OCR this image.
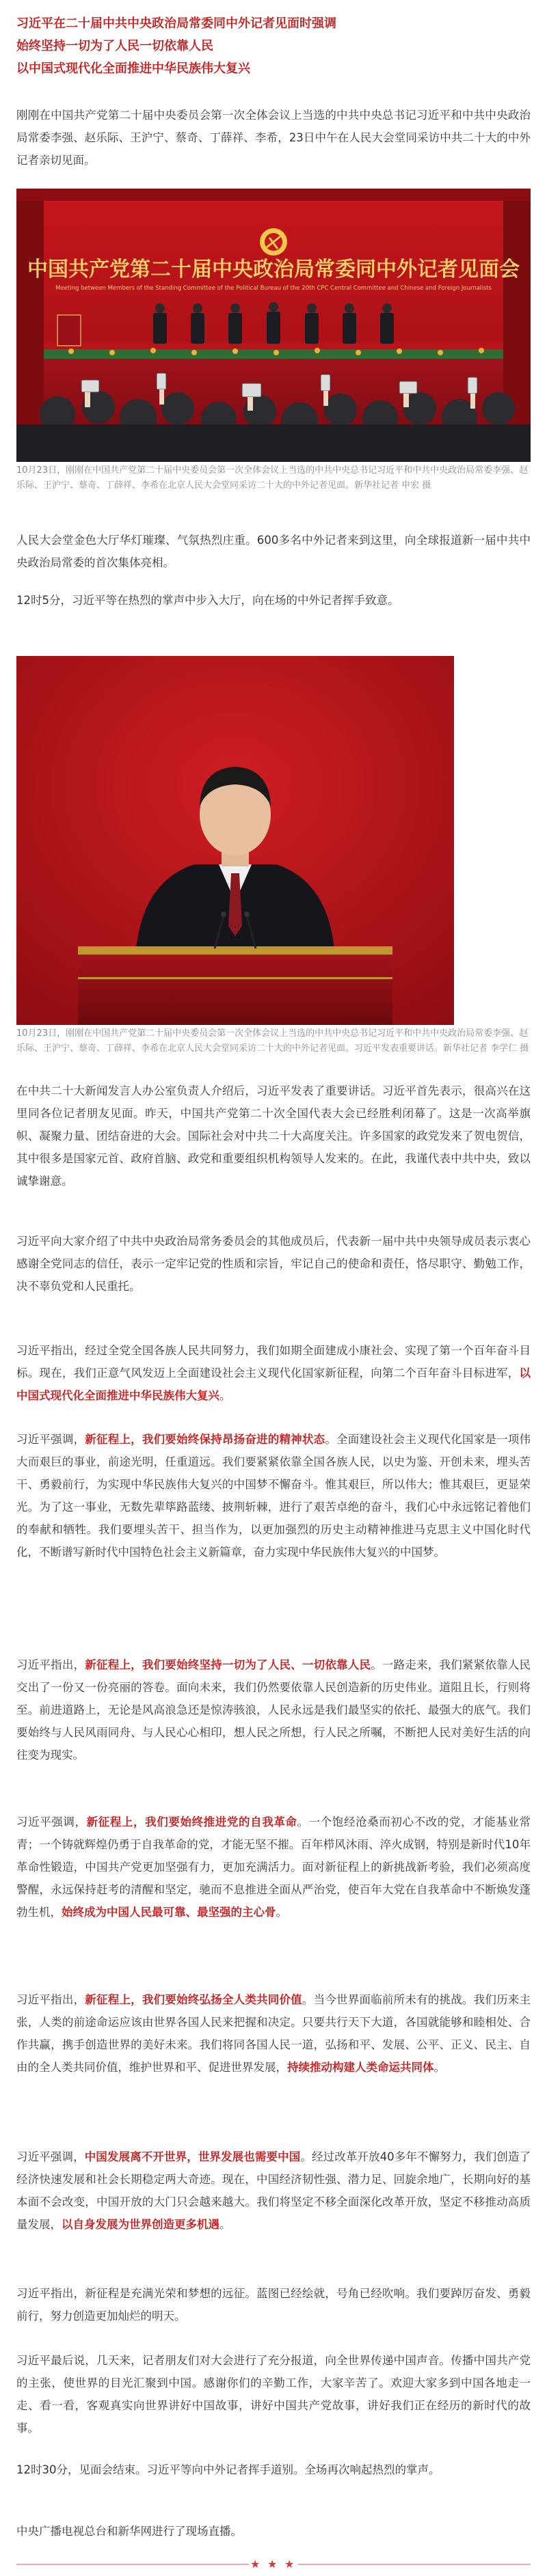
习近平在二十届中共中央政治局常委同中外记者见面时强调
始终坚持一切为了人民一切依靠人民
以中国式现代化全面推进中华民族伟大复兴
刚刚在中国共产党第二十届中央委员会第一次全体会议上当选的中共中央总书记习近平和中共中央政治局常委李强、赵乐际、王沪宁、蔡奇、丁薛祥、李希，23日中午在人民大会堂同采访中共二十大的中外记者亲切见面。
中国共产党第二十届中央政治局常委同中外记者见面会
Meeting between Members of the Standing Committee of the Political Bureau of the 20th CPC Central Committee and Chinese and Foreign Journalists
10月23日，刚刚在中国共产党第二十届中央委员会第一次全体会议上当选的中共中央总书记习近平和中共中央政治局常委李强、赵乐际、王沪宁、蔡奇、丁薛祥、李希在北京人民大会堂同采访二十大的中外记者见面。新华社记者 申宏 摄
人民大会堂金色大厅华灯璀璨、气氛热烈庄重。600多名中外记者来到这里，向全球报道新一届中共中央政治局常委的首次集体亮相。
12时5分，习近平等在热烈的掌声中步入大厅，向在场的中外记者挥手致意。
10月23日，刚刚在中国共产党第二十届中央委员会第一次全体会议上当选的中共中央总书记习近平和中共中央政治局常委李强、赵乐际、王沪宁、蔡奇、丁薛祥、李希在北京人民大会堂同采访二十大的中外记者见面。习近平发表重要讲话。新华社记者 李学仁 摄
在中共二十大新闻发言人办公室负责人介绍后，习近平发表了重要讲话。习近平首先表示，很高兴在这里同各位记者朋友见面。昨天，中国共产党第二十次全国代表大会已经胜利闭幕了。这是一次高举旗帜、凝聚力量、团结奋进的大会。国际社会对中共二十大高度关注。许多国家的政党发来了贺电贺信，其中很多是国家元首、政府首脑、政党和重要组织机构领导人发来的。在此，我谨代表中共中央，致以诚挚谢意。
习近平向大家介绍了中共中央政治局常务委员会的其他成员后，代表新一届中共中央领导成员表示衷心感谢全党同志的信任，表示一定牢记党的性质和宗旨，牢记自己的使命和责任，恪尽职守、勤勉工作，决不辜负党和人民重托。
习近平指出，经过全党全国各族人民共同努力，我们如期全面建成小康社会、实现了第一个百年奋斗目标。现在，我们正意气风发迈上全面建设社会主义现代化国家新征程，向第二个百年奋斗目标进军，以中国式现代化全面推进中华民族伟大复兴。
习近平强调，新征程上，我们要始终保持昂扬奋进的精神状态。全面建设社会主义现代化国家是一项伟大而艰巨的事业，前途光明，任重道远。我们要紧紧依靠全国各族人民，以史为鉴、开创未来，埋头苦干、勇毅前行，为实现中华民族伟大复兴的中国梦不懈奋斗。惟其艰巨，所以伟大；惟其艰巨，更显荣光。为了这一事业，无数先辈筚路蓝缕、披荆斩棘，进行了艰苦卓绝的奋斗，我们心中永远铭记着他们的奉献和牺牲。我们要埋头苦干、担当作为，以更加强烈的历史主动精神推进马克思主义中国化时代化，不断谱写新时代中国特色社会主义新篇章，奋力实现中华民族伟大复兴的中国梦。
习近平指出，新征程上，我们要始终坚持一切为了人民、一切依靠人民。一路走来，我们紧紧依靠人民交出了一份又一份亮丽的答卷。面向未来，我们仍然要依靠人民创造新的历史伟业。道阻且长，行则将至。前进道路上，无论是风高浪急还是惊涛骇浪，人民永远是我们最坚实的依托、最强大的底气。我们要始终与人民风雨同舟、与人民心心相印，想人民之所想，行人民之所嘱，不断把人民对美好生活的向往变为现实。
习近平强调，新征程上，我们要始终推进党的自我革命。一个饱经沧桑而初心不改的党，才能基业常青；一个铸就辉煌仍勇于自我革命的党，才能无坚不摧。百年栉风沐雨、淬火成钢，特别是新时代10年革命性锻造，中国共产党更加坚强有力，更加充满活力。面对新征程上的新挑战新考验，我们必须高度警醒，永远保持赶考的清醒和坚定，驰而不息推进全面从严治党，使百年大党在自我革命中不断焕发蓬勃生机，始终成为中国人民最可靠、最坚强的主心骨。
习近平指出，新征程上，我们要始终弘扬全人类共同价值。当今世界面临前所未有的挑战。我们历来主张，人类的前途命运应该由世界各国人民来把握和决定。只要共行天下大道，各国就能够和睦相处、合作共赢，携手创造世界的美好未来。我们将同各国人民一道，弘扬和平、发展、公平、正义、民主、自由的全人类共同价值，维护世界和平、促进世界发展，持续推动构建人类命运共同体。
习近平强调，中国发展离不开世界，世界发展也需要中国。经过改革开放40多年不懈努力，我们创造了经济快速发展和社会长期稳定两大奇迹。现在，中国经济韧性强、潜力足、回旋余地广，长期向好的基本面不会改变，中国开放的大门只会越来越大。我们将坚定不移全面深化改革开放，坚定不移推动高质量发展，以自身发展为世界创造更多机遇。
习近平指出，新征程是充满光荣和梦想的远征。蓝图已经绘就，号角已经吹响。我们要踔厉奋发、勇毅前行，努力创造更加灿烂的明天。
习近平最后说，几天来，记者朋友们对大会进行了充分报道，向全世界传递中国声音。传播中国共产党的主张，使世界的目光汇聚到中国。感谢你们的辛勤工作，大家辛苦了。欢迎大家多到中国各地走一走、看一看，客观真实向世界讲好中国故事，讲好中国共产党故事，讲好我们正在经历的新时代的故事。
12时30分，见面会结束。习近平等向中外记者挥手道别。全场再次响起热烈的掌声。
中央广播电视总台和新华网进行了现场直播。
★ ★ ★
